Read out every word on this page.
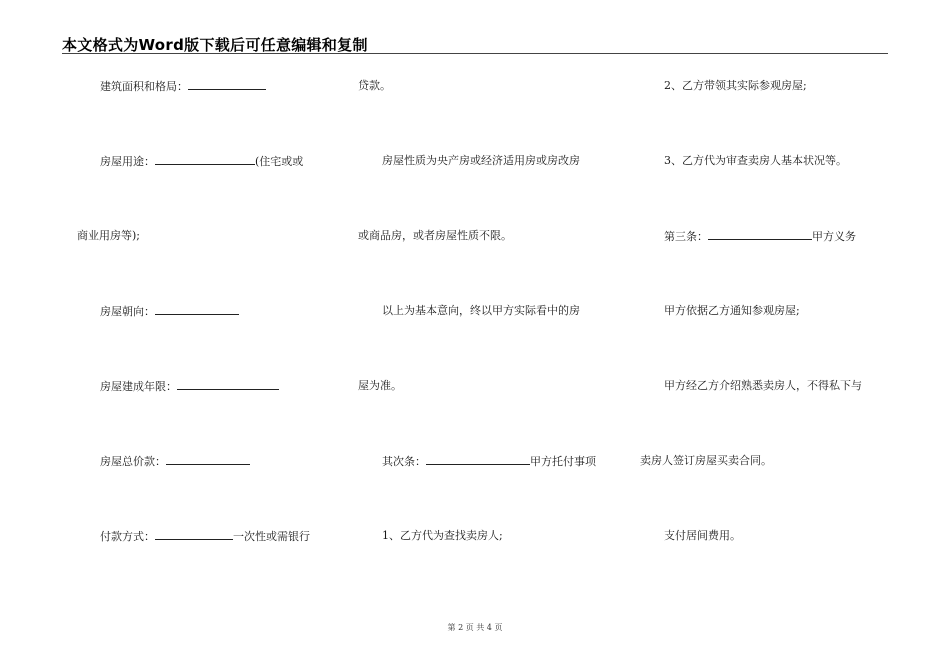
本文格式为Word版下载后可任意编辑和复制
建筑面积和格局：
房屋用途：	(住宅或或
商业用房等);
房屋朝向：
房屋建成年限：
房屋总价款：
付款方式：	一次性或需银行
贷款。
房屋性质为央产房或经济适用房或房改房
或商品房，或者房屋性质不限。
以上为基本意向，终以甲方实际看中的房
屋为准。
其次条：	甲方托付事项
1、乙方代为查找卖房人;
2、乙方带领其实际参观房屋;
3、乙方代为审查卖房人基本状况等。
第三条：	甲方义务
甲方依据乙方通知参观房屋;
甲方经乙方介绍熟悉卖房人，不得私下与
卖房人签订房屋买卖合同。
支付居间费用。
第 2 页 共 4 页
